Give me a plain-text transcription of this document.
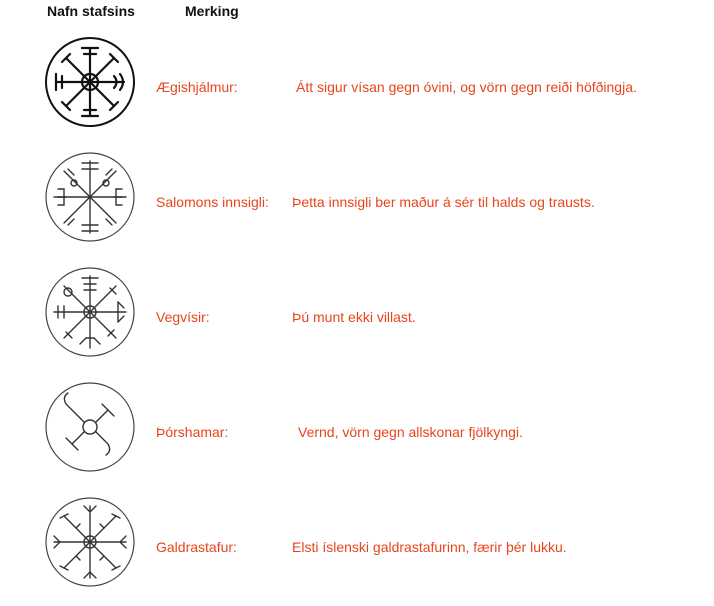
Nafn stafsins	Merking
Ægishjálmur:	Átt sigur vísan gegn óvini, og vörn gegn reiði höfðingja.
Salomons innsigli: Þetta innsigli ber maður á sér til halds og trausts.
Vegvísir:	Þú munt ekki villast.
Þórshamar:	Vernd, vörn gegn allskonar fjölkyngi.
Galdrastafur:	Elsti íslenski galdrastafurinn, færir þér lukku.
